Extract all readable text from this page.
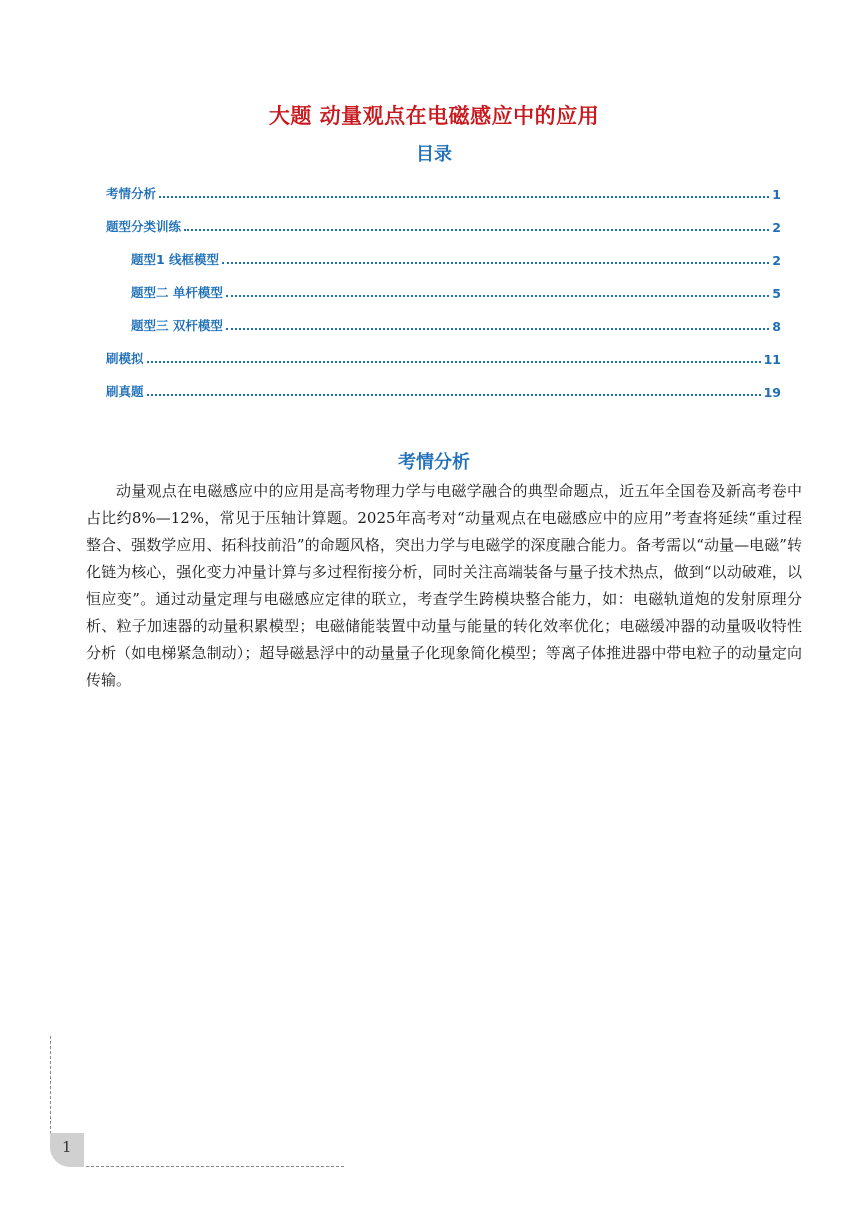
大题 动量观点在电磁感应中的应用
目录
考情分析	1
题型分类训练	2
题型1 线框模型	2
题型二 单杆模型	5
题型三 双杆模型	8
刷模拟	11
刷真题	19
考情分析
动量观点在电磁感应中的应用是高考物理力学与电磁学融合的典型命题点，近五年全国卷及新高考卷中占比约8%—12%，常见于压轴计算题。2025年高考对“动量观点在电磁感应中的应用”考查将延续“重过程整合、强数学应用、拓科技前沿”的命题风格，突出力学与电磁学的深度融合能力。备考需以“动量—电磁”转化链为核心，强化变力冲量计算与多过程衔接分析，同时关注高端装备与量子技术热点，做到“以动破难，以恒应变”。通过动量定理与电磁感应定律的联立，考查学生跨模块整合能力，如：电磁轨道炮的发射原理分析、粒子加速器的动量积累模型；电磁储能装置中动量与能量的转化效率优化；电磁缓冲器的动量吸收特性分析（如电梯紧急制动）；超导磁悬浮中的动量量子化现象简化模型；等离子体推进器中带电粒子的动量定向传输。
1
